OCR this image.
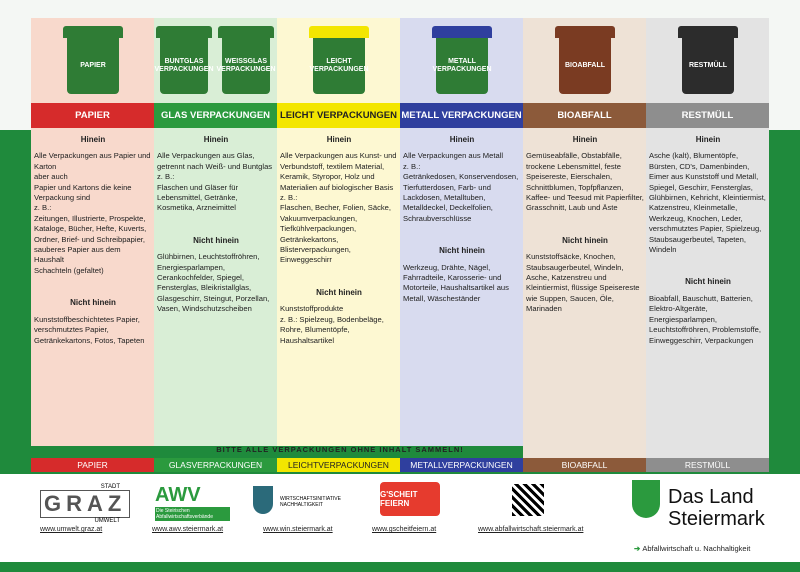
PAPIER
PAPIER
Hinein

Alle Verpackungen aus Papier und Karton

aber auch

Papier und Kartons die keine Verpackung sind

z. B.:

Zeitungen, Illustrierte, Prospekte, Kataloge, Bücher, Hefte, Kuverts, Ordner, Brief- und Schreibpapier, sauberes Papier aus dem Haushalt

Schachteln (gefaltet)

Nicht hinein

Kunststoffbeschichtetes Papier, verschmutztes Papier, Getränkekartons, Fotos, Tapeten

BUNTGLAS VERPACKUNGEN
WEISSGLAS VERPACKUNGEN
GLAS VERPACKUNGEN
Hinein

Alle Verpackungen aus Glas, getrennt nach Weiß- und Buntglas

z. B.:

Flaschen und Gläser für Lebensmittel, Getränke, Kosmetika, Arzneimittel

Nicht hinein

Glühbirnen, Leuchtstoffröhren, Energiesparlampen, Cerankochfelder, Spiegel, Fensterglas, Bleikristallglas, Glasgeschirr, Steingut, Porzellan, Vasen, Windschutzscheiben

LEICHT VERPACKUNGEN
LEICHT VERPACKUNGEN
Hinein

Alle Verpackungen aus Kunst- und Verbundstoff, textilem Material, Keramik, Styropor, Holz und Materialien auf biologischer Basis

z. B.:

Flaschen, Becher, Folien, Säcke, Vakuumverpackungen, Tiefkühlverpackungen, Getränkekartons, Blisterverpackungen, Einweggeschirr

Nicht hinein

Kunststoffprodukte

z. B.: Spielzeug, Bodenbeläge, Rohre, Blumentöpfe, Haushaltsartikel

METALL VERPACKUNGEN
METALL VERPACKUNGEN
Hinein

Alle Verpackungen aus Metall

z. B.:

Getränkedosen, Konservendosen, Tierfutterdosen, Farb- und Lackdosen, Metalltuben, Metalldeckel, Deckelfolien, Schraubverschlüsse

Nicht hinein

Werkzeug, Drähte, Nägel, Fahrradteile, Karosserie- und Motorteile, Haushaltsartikel aus Metall, Wäscheständer

BIOABFALL
BIOABFALL
Hinein

Gemüseabfälle, Obstabfälle, trockene Lebensmittel, feste Speisereste, Eierschalen, Schnittblumen, Topfpflanzen, Kaffee- und Teesud mit Papierfilter, Grasschnitt, Laub und Äste

Nicht hinein

Kunststoffsäcke, Knochen, Staubsaugerbeutel, Windeln, Asche, Katzenstreu und Kleintiermist, flüssige Speisereste wie Suppen, Saucen, Öle, Marinaden

RESTMÜLL
RESTMÜLL
Hinein

Asche (kalt), Blumentöpfe, Bürsten, CD's, Damenbinden, Eimer aus Kunststoff und Metall, Spiegel, Geschirr, Fensterglas, Glühbirnen, Kehricht, Kleintiermist, Katzenstreu, Kleinmetalle, Werkzeug, Knochen, Leder, verschmutztes Papier, Spielzeug, Staubsaugerbeutel, Tapeten, Windeln

Nicht hinein

Bioabfall, Bauschutt, Batterien, Elektro-Altgeräte, Energiesparlampen, Leuchtstoffröhren, Problemstoffe, Einweggeschirr, Verpackungen

BITTE ALLE VERPACKUNGEN OHNE INHALT SAMMELN!
PAPIER	GLASVERPACKUNGEN	LEICHTVERPACKUNGEN	METALLVERPACKUNGEN	BIOABFALL	RESTMÜLL
STADT
GRAZ
UMWELT
www.umwelt.graz.at
AWV
Die Steirischen Abfallwirtschaftsverbände
www.awv.steiermark.at
WIRTSCHAFTSINITIATIVE NACHHALTIGKEIT
www.win.steiermark.at
G'SCHEIT FEIERN
www.gscheitfeiern.at	www.abfallwirtschaft.steiermark.at
Das Land
Steiermark
➔ Abfallwirtschaft u. Nachhaltigkeit
